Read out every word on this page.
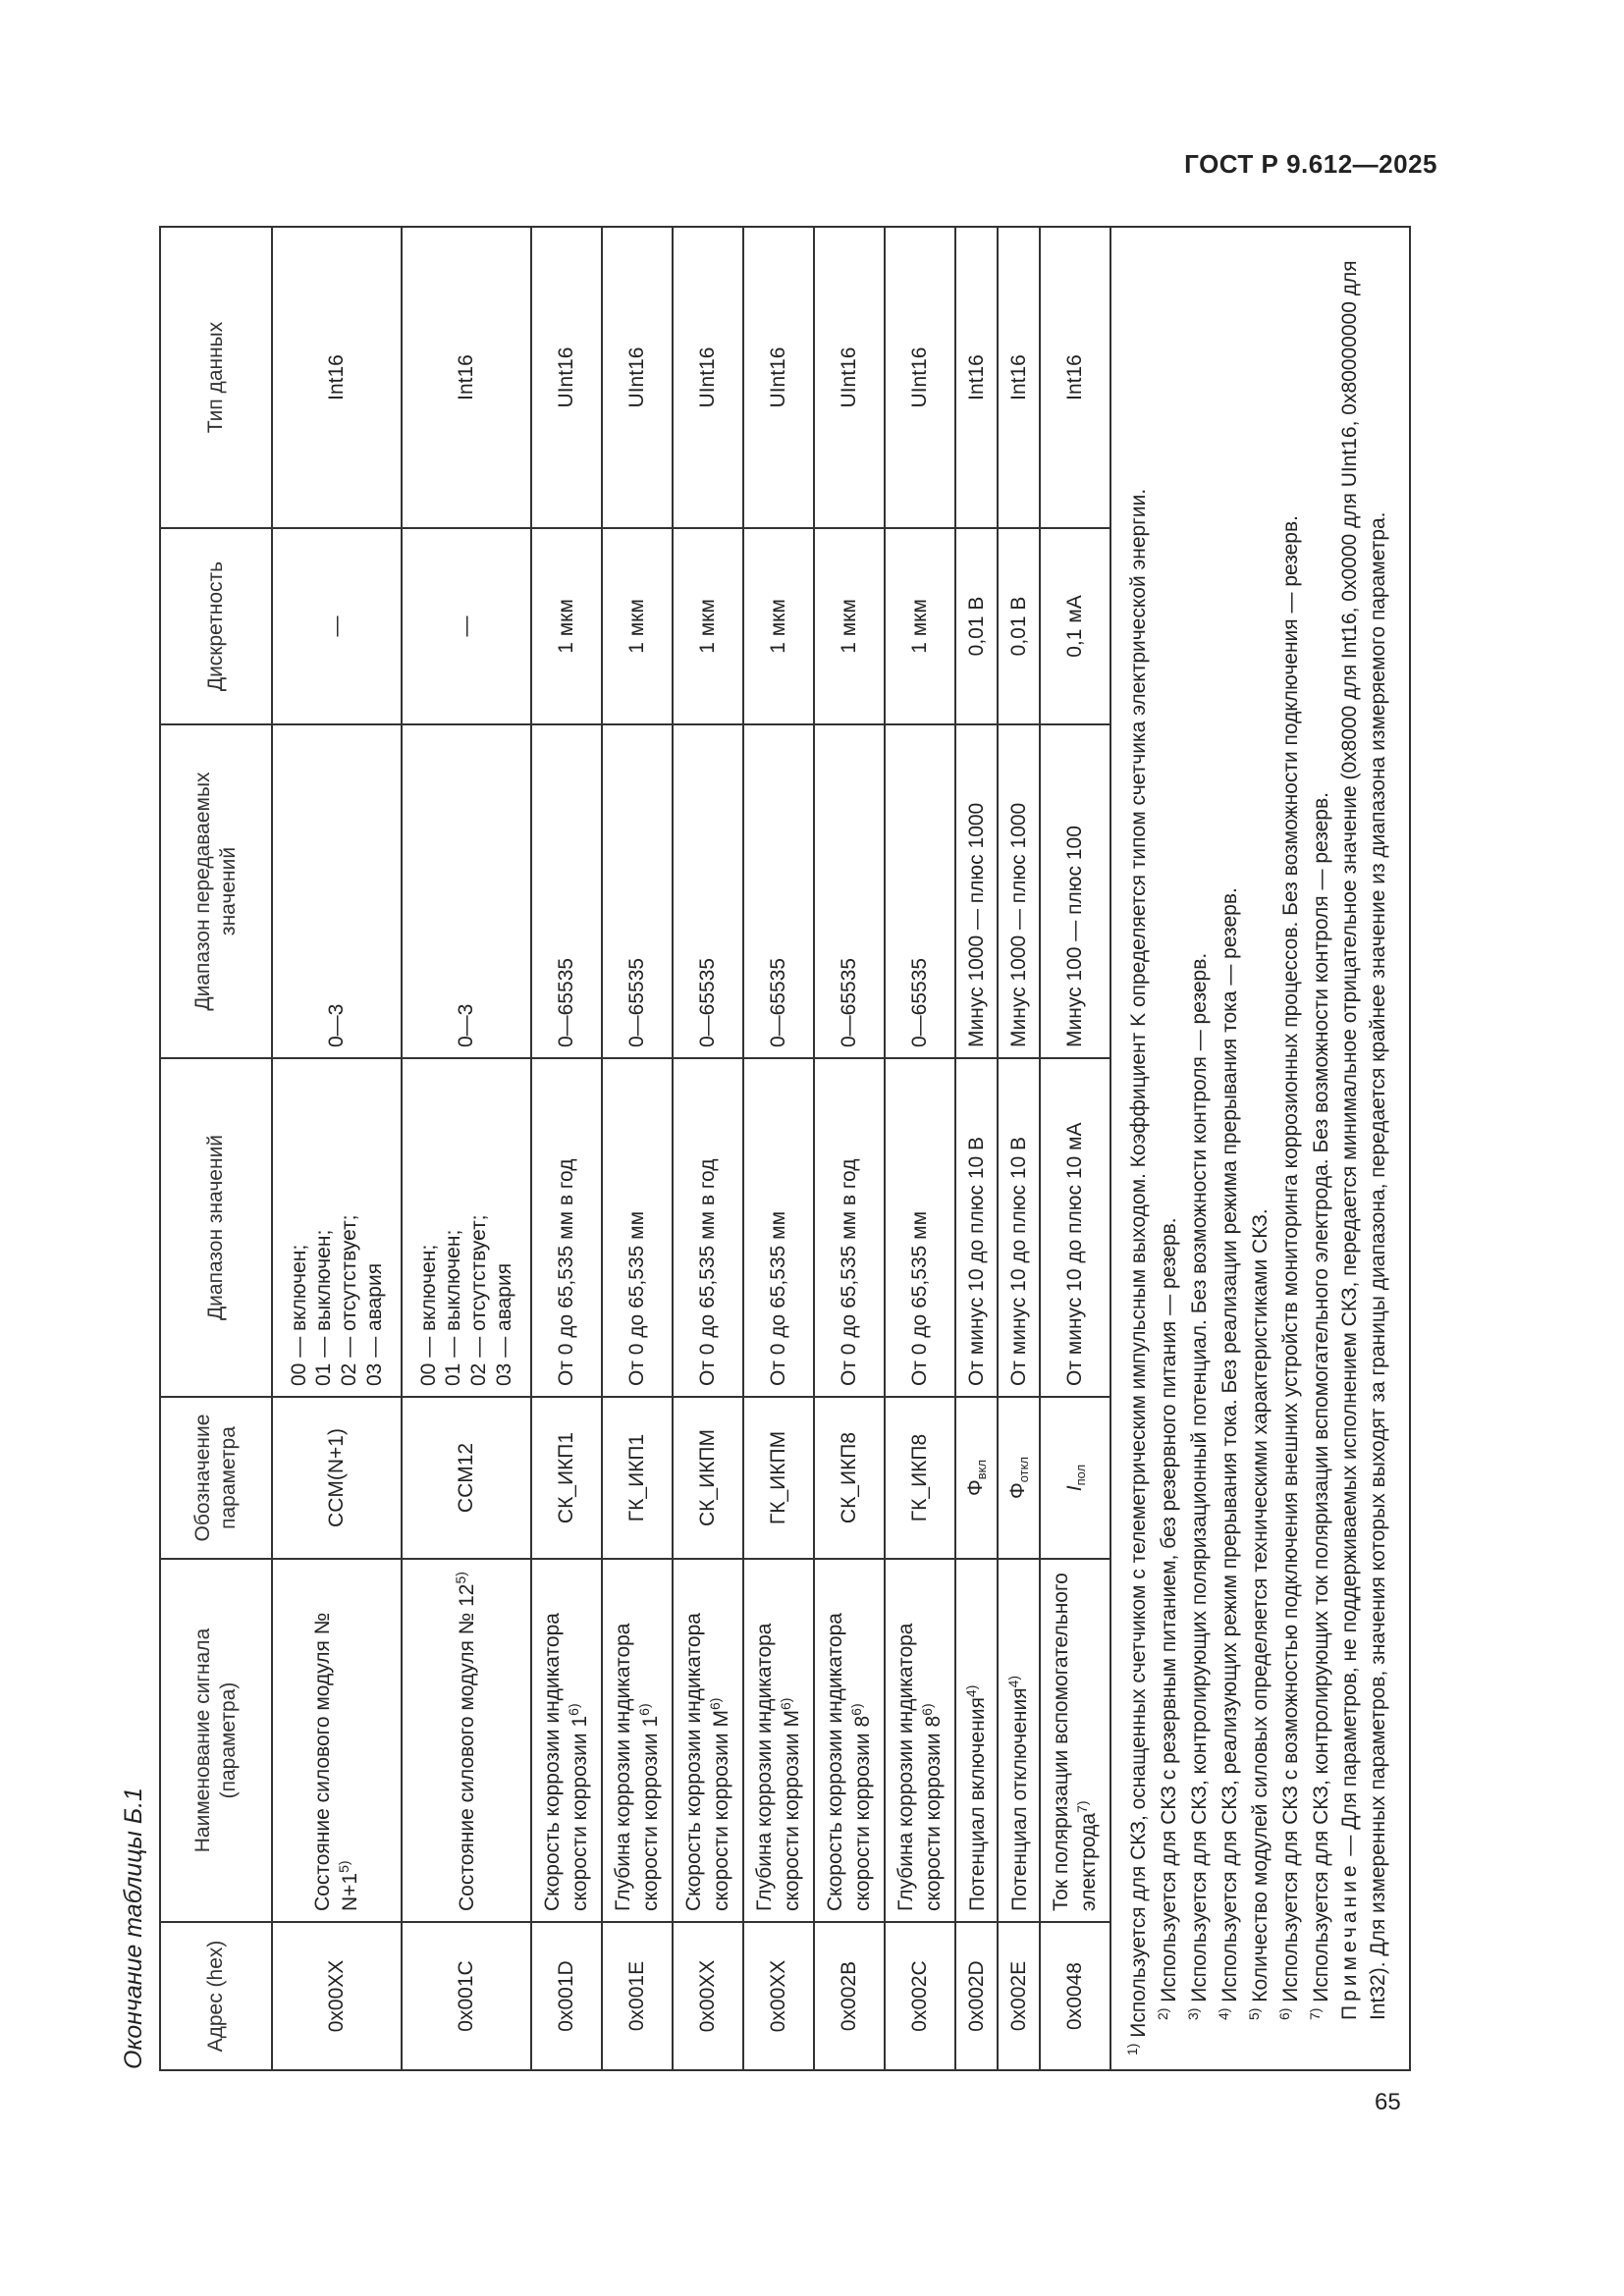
ГОСТ Р 9.612—2025
Окончание таблицы Б.1	Адрес (hex)	Наименование сигнала (параметра)	Обозначение параметра	Диапазон значений	Диапазон передаваемых значений	Дискретность	Тип данных
0x00XX	Состояние силового модуля № $N+1^{5)}$	CCM(N+1)	00 — включен;
01 — выключен;
02 — отсутствует;
03 — авария	0—3	—	Int16
0x001C	Состояние силового модуля № 12$^{5)}$	CCM12	00 — включен;
01 — выключен;
02 — отсутствует;
03 — авария	0—3	—	Int16
0x001D	Скорость коррозии индикатора скорости коррозии 1$^{6)}$	СК_ИКП1	От 0 до 65,535 мм в год	0—65535	1 мкм	UInt16
0x001E	Глубина коррозии индикатора скорости коррозии 1$^{6)}$	ГК_ИКП1	От 0 до 65,535 мм	0—65535	1 мкм	UInt16
0x00XX	Скорость коррозии индикатора скорости коррозии $M^{6)}$	СК_ИКПМ	От 0 до 65,535 мм в год	0—65535	1 мкм	UInt16
0x00XX	Глубина коррозии индикатора скорости коррозии $M^{6)}$	ГК_ИКПМ	От 0 до 65,535 мм	0—65535	1 мкм	UInt16
0x002B	Скорость коррозии индикатора скорости коррозии 8$^{6)}$	СК_ИКП8	От 0 до 65,535 мм в год	0—65535	1 мкм	UInt16
0x002C	Глубина коррозии индикатора скорости коррозии 8$^{6)}$	ГК_ИКП8	От 0 до 65,535 мм	0—65535	1 мкм	UInt16
0x002D	Потенциал включения$^{4)}$	$\Phi_{вкл}$	От минус 10 до плюс 10 В	Минус 1000 — плюс 1000	0,01 В	Int16
0x002E	Потенциал отключения$^{4)}$	$\Phi_{откл}$	От минус 10 до плюс 10 В	Минус 1000 — плюс 1000	0,01 В	Int16
0x0048	Ток поляризации вспомогательного электрода$^{7)}$	$I_{пол}$	От минус 10 до плюс 10 мА	Минус 100 — плюс 100	0,1 мА	Int16

$^{1)}$ Используется для СКЗ, оснащенных счетчиком с телеметрическим импульсным выходом. Коэффициент K определяется типом счетчика электрической энергии. $^{2)}$ Используется для СКЗ с резервным питанием, без резервного питания — резерв.

$^{3)}$ Используется для СКЗ, контролирующих поляризационный потенциал. Без возможности контроля — резерв.

$^{4)}$ Используется для СКЗ, реализующих режим прерывания тока. Без реализации режима прерывания тока — резерв.

$^{5)}$ Количество модулей силовых определяется техническими характеристиками СКЗ.

$^{6)}$ Используется для СКЗ с возможностью подключения внешних устройств мониторинга коррозионных процессов. Без возможности подключения — резерв.

$^{7)}$ Используется для СКЗ, контролирующих ток поляризации вспомогательного электрода. Без возможности контроля — резерв. Примечание — Для параметров, не поддерживаемых исполнением СКЗ, передается минимальное отрицательное значение (0x8000 для Int16, 0x0000 для UInt16, 0x80000000 для Int32). Для измеренных параметров, значения которых выходят за границы диапазона, передается крайнее значение из диапазона измеряемого параметра.

65
